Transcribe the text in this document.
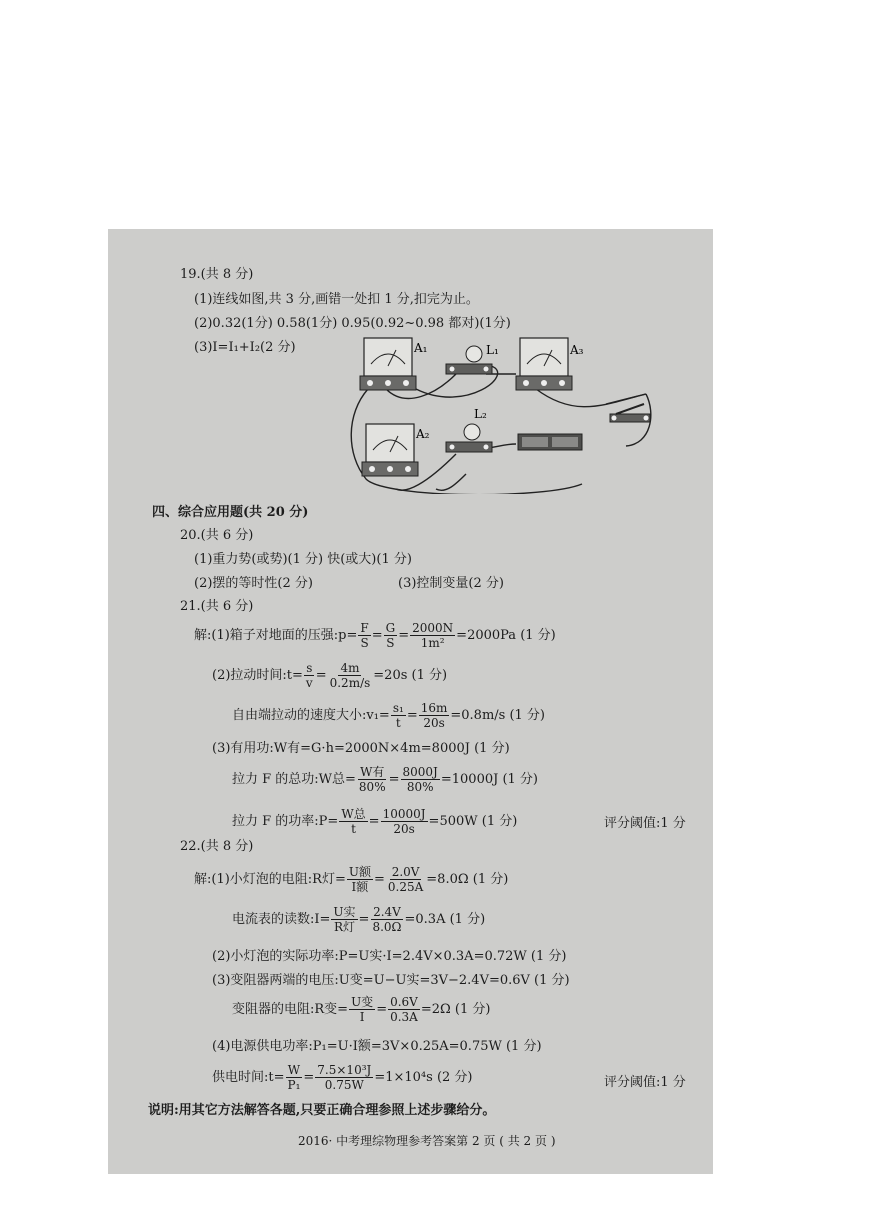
19.(共 8 分)
(1)连线如图,共 3 分,画错一处扣 1 分,扣完为止。
(2)0.32(1分) 0.58(1分) 0.95(0.92~0.98 都对)(1分)
(3)I=I₁+I₂(2 分)	A₁	L₁	A₃
L₂
A₂
四、综合应用题(共 20 分)
20.(共 6 分)
(1)重力势(或势)(1 分) 快(或大)(1 分)
(2)摆的等时性(2 分)	(3)控制变量(2 分)
21.(共 6 分)
解:(1)箱子对地面的压强:p= $\frac{F}{S} = \frac{G}{S} = \frac{2000N}{\text{1m²}} =2000Pa$ (1 分)
(2)拉动时间:t= $\frac{s}{v} = \frac{4m}{0.2m/s} =20s$ (1 分)
自由端拉动的速度大小:v₁= $\frac{\text{s₁}}{t} = \frac{16m}{20s} =0.8m/s$ (1 分)
(3)有用功:W有=G·h=2000N×4m=8000J (1 分)
拉力 F 的总功:W总= $\frac{\text{W有}}{80\%} = \frac{8000J}{80\%} =10000J$ (1 分)
拉力 F 的功率:P= $\frac{\text{W总}}{t} = \frac{10000J}{20s} =500W$ (1 分)	评分阈值:1 分
22.(共 8 分)
解:(1)小灯泡的电阻:R灯= $\frac{\text{U额}}{\text{I额}} = \frac{2.0V}{0.25A} =8.0\Omega$ (1 分)
电流表的读数:I= $\frac{\text{U实}}{\text{R灯}} = \frac{2.4V}{8.0\Omega} =0.3A$ (1 分)
(2)小灯泡的实际功率:P=U实·I=2.4V×0.3A=0.72W (1 分)
(3)变阻器两端的电压:U变=U−U实=3V−2.4V=0.6V (1 分)
变阻器的电阻:R变= $\frac{\text{U变}}{I} = \frac{0.6V}{0.3A} =2\Omega$ (1 分)
(4)电源供电功率:P₁=U·I额=3V×0.25A=0.75W (1 分)
供电时间:t= $\frac{W}{\text{P₁}} = \frac{\text{7.5×10³J}}{0.75W} =1\times 10^4s$ (2 分)	评分阈值:1 分
说明:用其它方法解答各题,只要正确合理参照上述步骤给分。
2016· 中考理综物理参考答案第 2 页 ( 共 2 页 )
